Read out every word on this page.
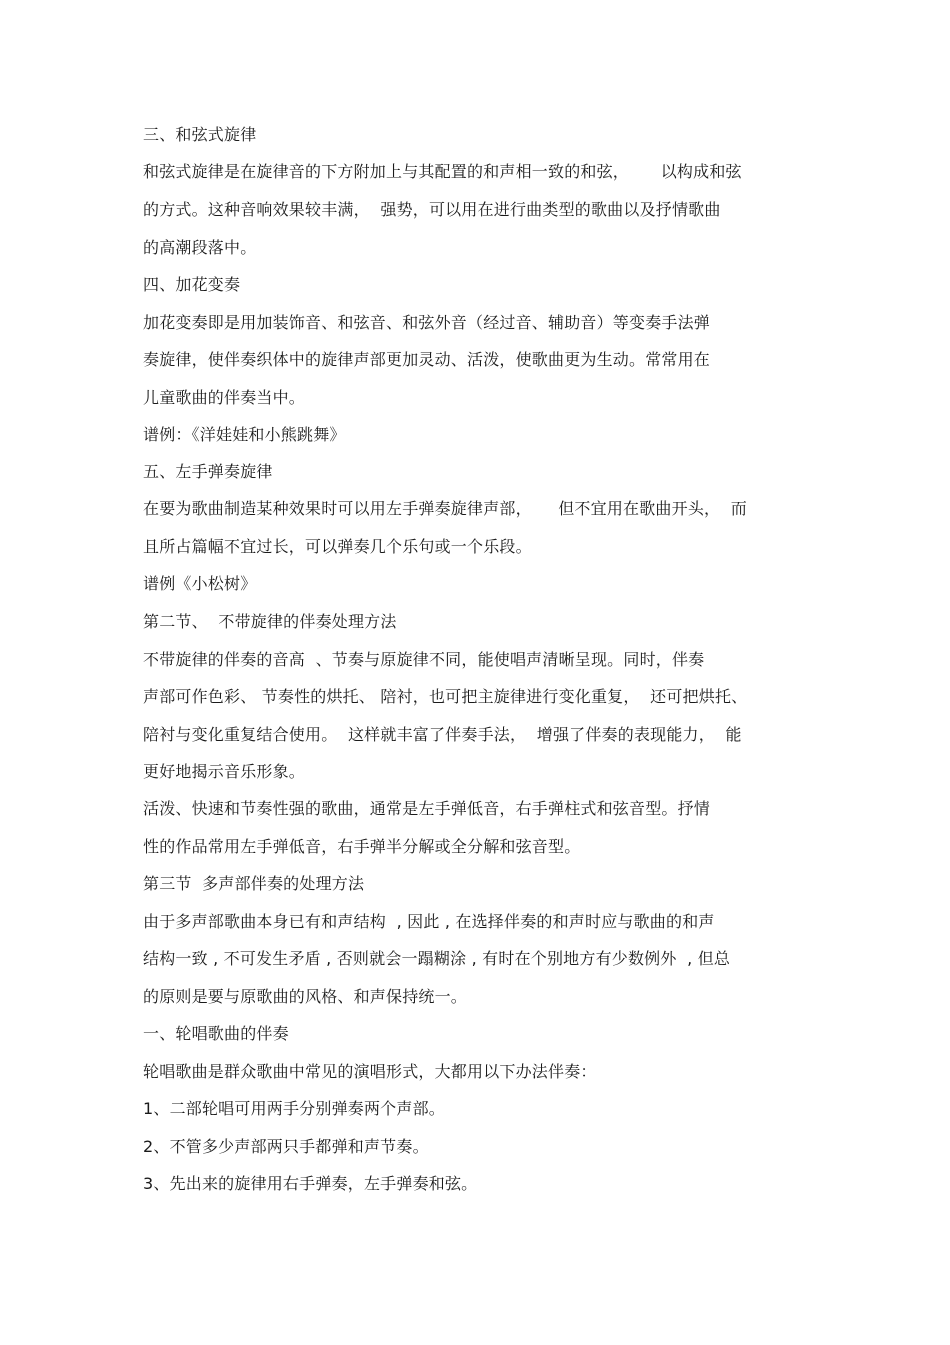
三、和弦式旋律
和弦式旋律是在旋律音的下方附加上与其配置的和声相一致的和弦，      以构成和弦
的方式。这种音响效果较丰满，  强势，可以用在进行曲类型的歌曲以及抒情歌曲
的高潮段落中。
四、加花变奏
加花变奏即是用加装饰音、和弦音、和弦外音（经过音、辅助音）等变奏手法弹
奏旋律，使伴奏织体中的旋律声部更加灵动、活泼，使歌曲更为生动。常常用在
儿童歌曲的伴奏当中。
谱例：《洋娃娃和小熊跳舞》
五、左手弹奏旋律
在要为歌曲制造某种效果时可以用左手弹奏旋律声部，     但不宜用在歌曲开头，  而
且所占篇幅不宜过长，可以弹奏几个乐句或一个乐段。
谱例《小松树》
第二节、  不带旋律的伴奏处理方法
不带旋律的伴奏的音高  、节奏与原旋律不同，能使唱声清晰呈现。同时，伴奏
声部可作色彩、 节奏性的烘托、 陪衬，也可把主旋律进行变化重复，  还可把烘托、
陪衬与变化重复结合使用。  这样就丰富了伴奏手法，  增强了伴奏的表现能力，  能
更好地揭示音乐形象。
活泼、快速和节奏性强的歌曲，通常是左手弹低音，右手弹柱式和弦音型。抒情
性的作品常用左手弹低音，右手弹半分解或全分解和弦音型。
第三节  多声部伴奏的处理方法
由于多声部歌曲本身已有和声结构  , 因此 , 在选择伴奏的和声时应与歌曲的和声
结构一致 , 不可发生矛盾 , 否则就会一蹋糊涂 , 有时在个别地方有少数例外  , 但总
的原则是要与原歌曲的风格、和声保持统一。
一、轮唱歌曲的伴奏
轮唱歌曲是群众歌曲中常见的演唱形式，大都用以下办法伴奏：
1、二部轮唱可用两手分别弹奏两个声部。
2、不管多少声部两只手都弹和声节奏。
3、先出来的旋律用右手弹奏，左手弹奏和弦。
